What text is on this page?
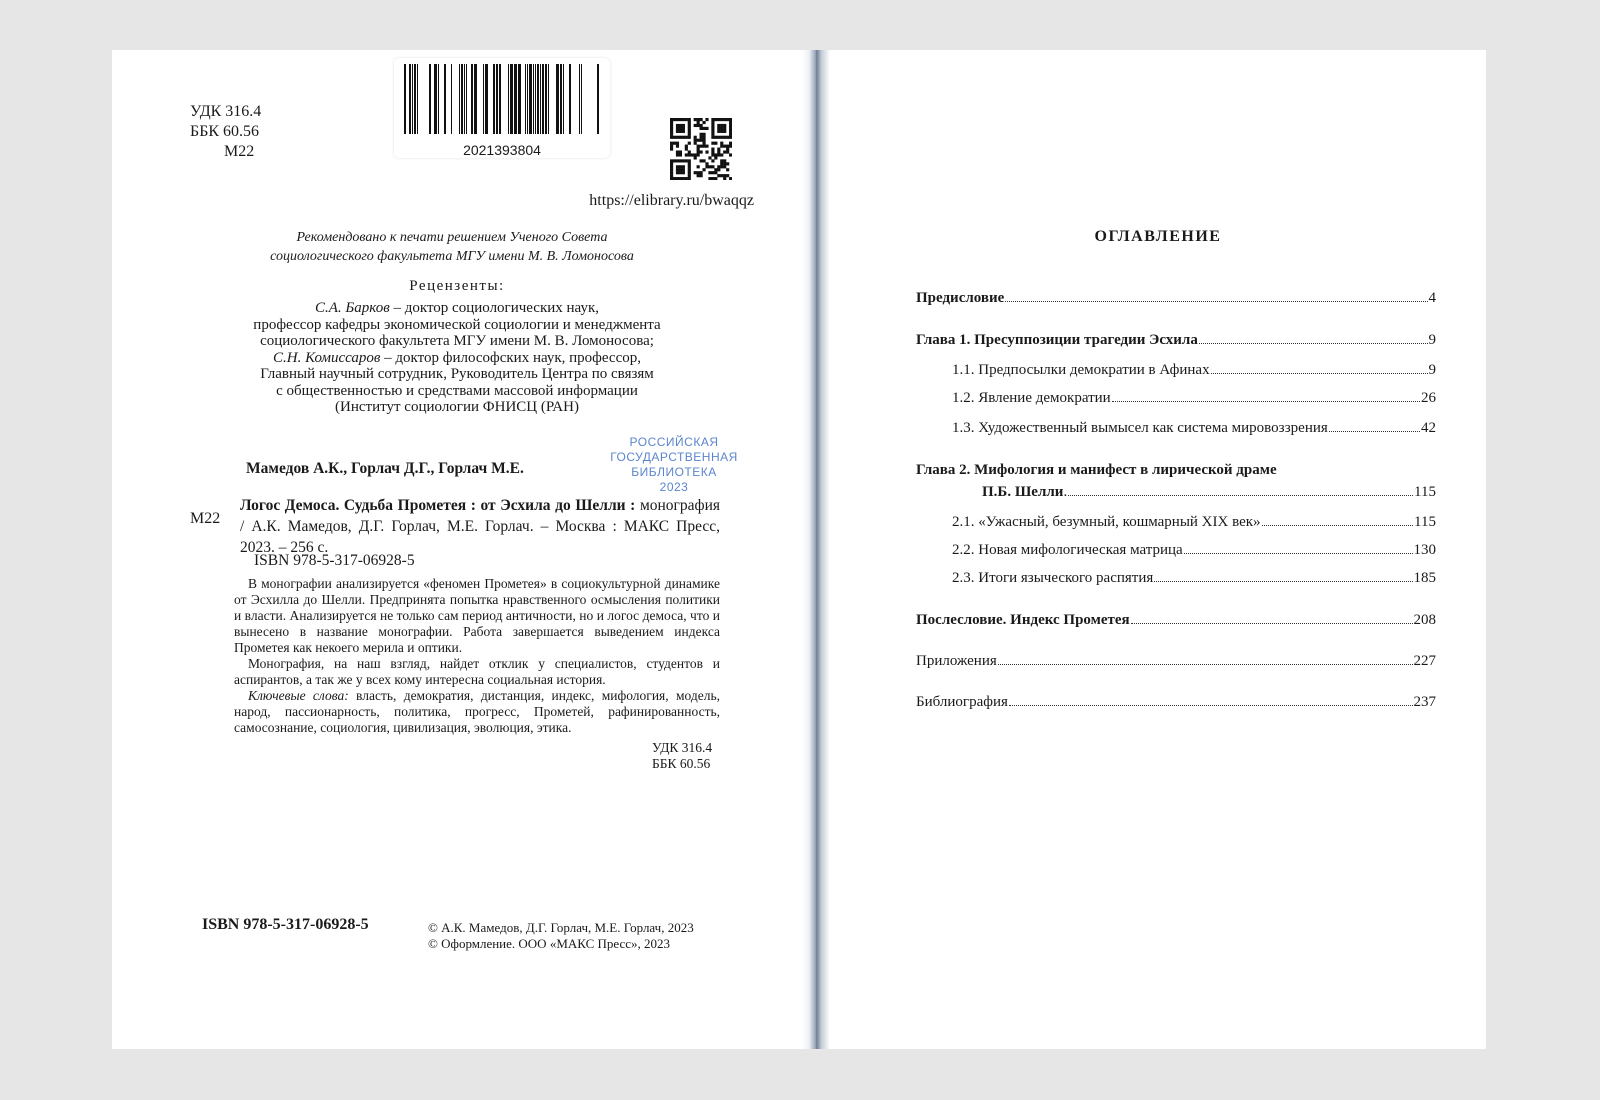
УДК 316.4
ББК 60.56
М22	2021393804
https://elibrary.ru/bwaqqz
Рекомендовано к печати решением Ученого Совета
социологического факультета МГУ имени М. В. Ломоносова
Рецензенты:
С.А. Барков – доктор социологических наук,
профессор кафедры экономической социологии и менеджмента
социологического факультета МГУ имени М. В. Ломоносова;
С.Н. Комиссаров – доктор философских наук, профессор,
Главный научный сотрудник, Руководитель Центра по связям
с общественностью и средствами массовой информации
(Институт социологии ФНИСЦ (РАН)
РОССИЙСКАЯ
ГОСУДАРСТВЕННАЯ
БИБЛИОТЕКА
2023
Мамедов А.К., Горлач Д.Г., Горлач М.Е.
М22
Логос Демоса. Судьба Прометея : от Эсхила до Шелли : монография / А.К. Мамедов, Д.Г. Горлач, М.Е. Горлач. – Москва : МАКС Пресс, 2023. – 256 с.
ISBN 978-5-317-06928-5

В монографии анализируется «феномен Прометея» в социокультурной динамике от Эсхилла до Шелли. Предпринята попытка нравственного осмысления политики и власти. Анализируется не только сам период античности, но и логос демоса, что и вынесено в название монографии. Работа завершается выведением индекса Прометея как некоего мерила и оптики.

Монография, на наш взгляд, найдет отклик у специалистов, студентов и аспирантов, а так же у всех кому интересна социальная история.

Ключевые слова: власть, демократия, дистанция, индекс, мифология, модель, народ, пассионарность, политика, прогресс, Прометей, рафинированность, самосознание, социология, цивилизация, эволюция, этика.

УДК 316.4
ББК 60.56
ISBN 978-5-317-06928-5	© А.К. Мамедов, Д.Г. Горлач, М.Е. Горлач, 2023
© Оформление. ООО «МАКС Пресс», 2023
ОГЛАВЛЕНИЕ
Предисловие	4
Глава 1. Пресуппозиции трагедии Эсхила	9
1.1. Предпосылки демократии в Афинах	9
1.2. Явление демократии	26
1.3. Художественный вымысел как система мировоззрения	42
Глава 2. Мифология и манифест в лирической драме
П.Б. Шелли .	115
2.1. «Ужасный, безумный, кошмарный XIX век»	115
2.2. Новая мифологическая матрица	130
2.3. Итоги языческого распятия	185
Послесловие. Индекс Прометея	208
Приложения	227
Библиография	237
